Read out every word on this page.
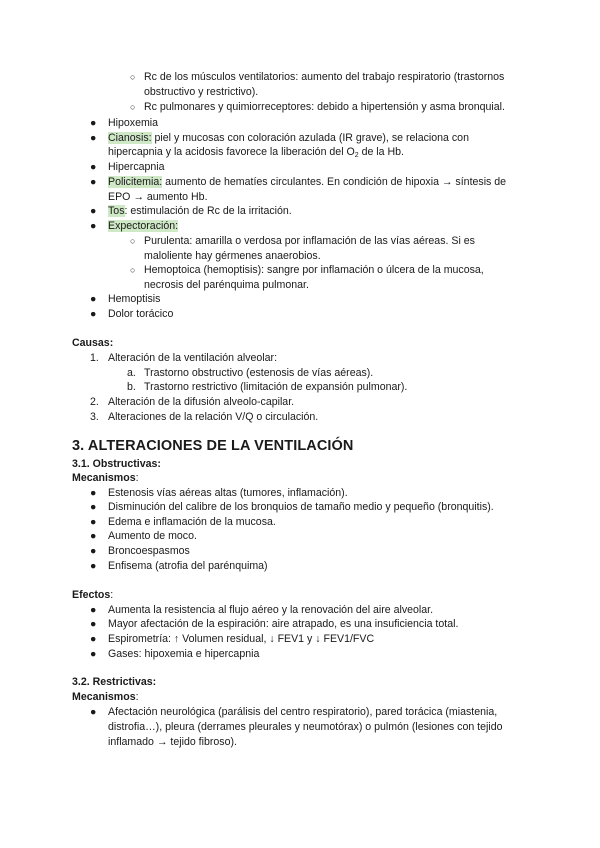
○ Rc de los músculos ventilatorios: aumento del trabajo respiratorio (trastornos
obstructivo y restrictivo).
○ Rc pulmonares y quimiorreceptores: debido a hipertensión y asma bronquial.
● Hipoxemia
● Cianosis: piel y mucosas con coloración azulada (IR grave), se relaciona con
hipercapnia y la acidosis favorece la liberación del $O_2$ de la Hb.
● Hipercapnia
● Policitemia: aumento de hematíes circulantes. En condición de hipoxia → síntesis de
EPO → aumento Hb.
● Tos: estimulación de Rc de la irritación.
● Expectoración:
○ Purulenta: amarilla o verdosa por inflamación de las vías aéreas. Si es
maloliente hay gérmenes anaerobios.
○ Hemoptoica (hemoptisis): sangre por inflamación o úlcera de la mucosa,
necrosis del parénquima pulmonar.
● Hemoptisis
● Dolor torácico
Causas:
1. Alteración de la ventilación alveolar:
a. Trastorno obstructivo (estenosis de vías aéreas).
b. Trastorno restrictivo (limitación de expansión pulmonar).
2. Alteración de la difusión alveolo-capilar.
3. Alteraciones de la relación V/Q o circulación.
3. ALTERACIONES DE LA VENTILACIÓN
3.1. Obstructivas:
Mecanismos:
● Estenosis vías aéreas altas (tumores, inflamación).
● Disminución del calibre de los bronquios de tamaño medio y pequeño (bronquitis).
● Edema e inflamación de la mucosa.
● Aumento de moco.
● Broncoespasmos
● Enfisema (atrofia del parénquima)
Efectos:
● Aumenta la resistencia al flujo aéreo y la renovación del aire alveolar.
● Mayor afectación de la espiración: aire atrapado, es una insuficiencia total.
● Espirometría: ↑ Volumen residual, ↓ FEV1 y ↓ FEV1/FVC
● Gases: hipoxemia e hipercapnia
3.2. Restrictivas:
Mecanismos:
● Afectación neurológica (parálisis del centro respiratorio), pared torácica (miastenia,
distrofia…), pleura (derrames pleurales y neumotórax) o pulmón (lesiones con tejido
inflamado → tejido fibroso).
